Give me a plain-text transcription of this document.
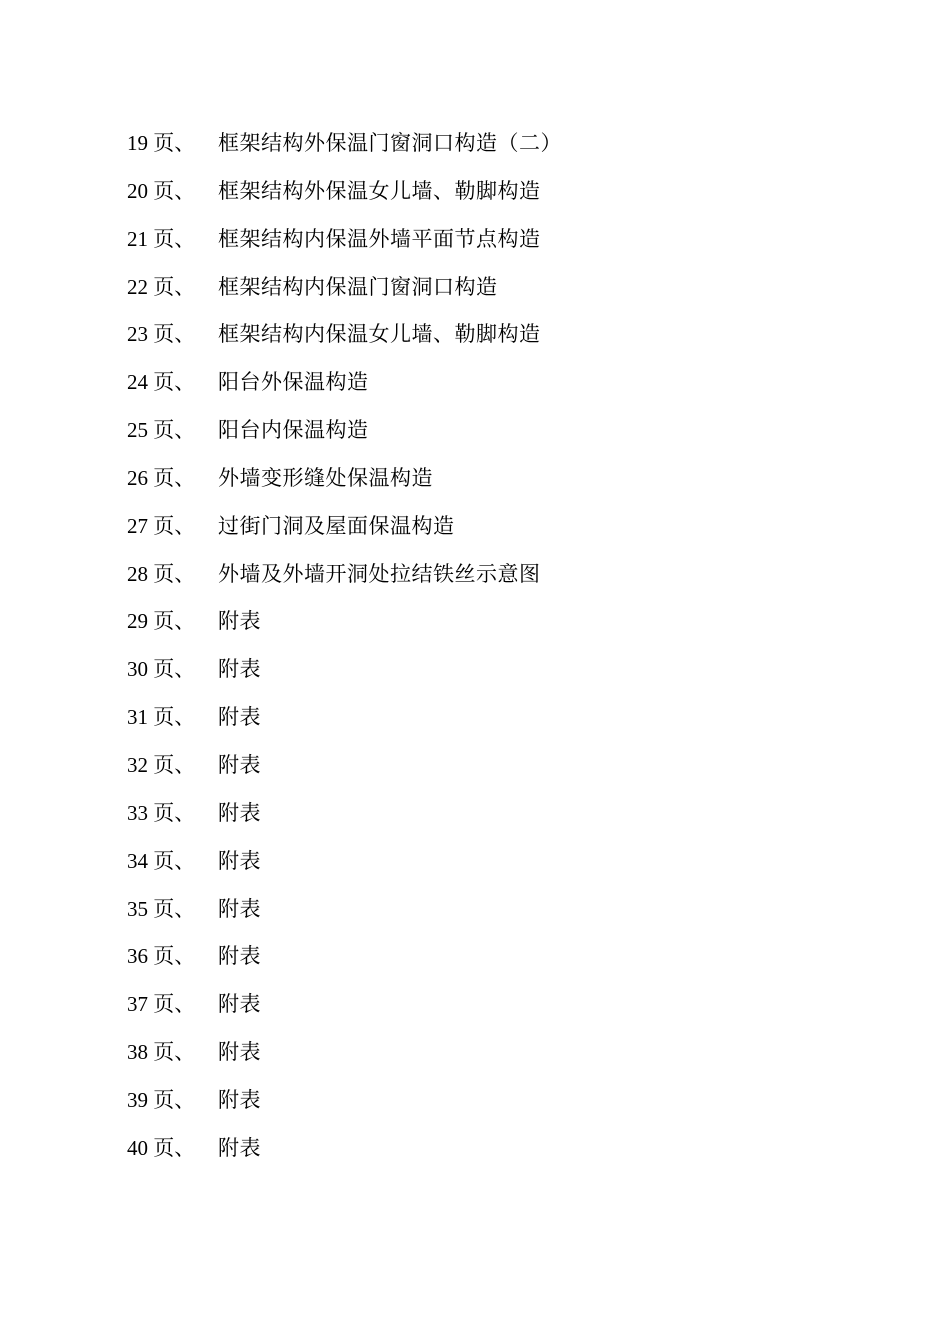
19 页、	框架结构外保温门窗洞口构造（二）
20 页、	框架结构外保温女儿墙、勒脚构造
21 页、	框架结构内保温外墙平面节点构造
22 页、	框架结构内保温门窗洞口构造
23 页、	框架结构内保温女儿墙、勒脚构造
24 页、	阳台外保温构造
25 页、	阳台内保温构造
26 页、	外墙变形缝处保温构造
27 页、	过街门洞及屋面保温构造
28 页、	外墙及外墙开洞处拉结铁丝示意图
29 页、	附表
30 页、	附表
31 页、	附表
32 页、	附表
33 页、	附表
34 页、	附表
35 页、	附表
36 页、	附表
37 页、	附表
38 页、	附表
39 页、	附表
40 页、	附表
